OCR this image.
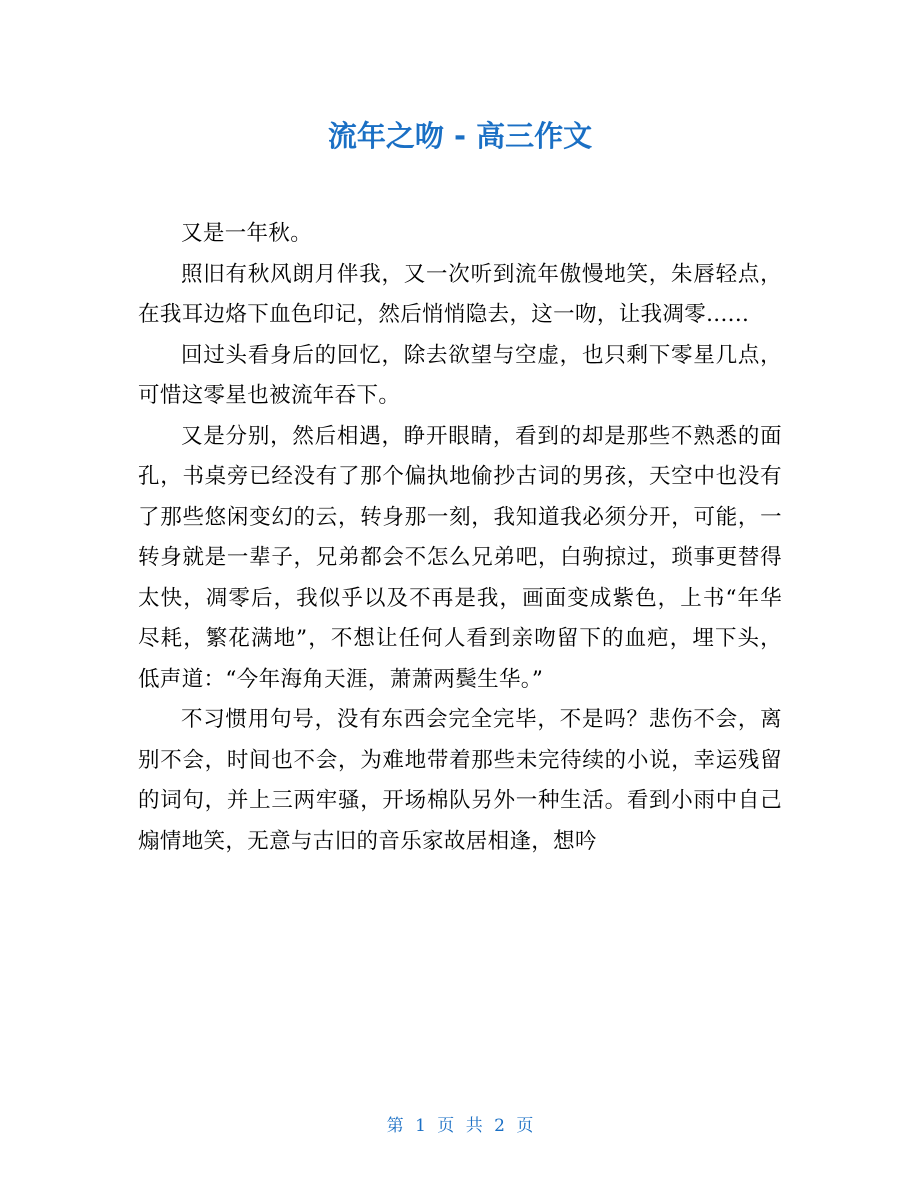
流年之吻 - 高三作文

又是一年秋。

照旧有秋风朗月伴我，又一次听到流年傲慢地笑，朱唇轻点，在我耳边烙下血色印记，然后悄悄隐去，这一吻，让我凋零......

回过头看身后的回忆，除去欲望与空虚，也只剩下零星几点，可惜这零星也被流年吞下。

又是分别，然后相遇，睁开眼睛，看到的却是那些不熟悉的面孔，书桌旁已经没有了那个偏执地偷抄古词的男孩，天空中也没有了那些悠闲变幻的云，转身那一刻，我知道我必须分开，可能，一转身就是一辈子，兄弟都会不怎么兄弟吧，白驹掠过，琐事更替得太快，凋零后，我似乎以及不再是我，画面变成紫色，上书“年华尽耗，繁花满地”，不想让任何人看到亲吻留下的血疤，埋下头，低声道：“今年海角天涯，萧萧两鬓生华。”

不习惯用句号，没有东西会完全完毕，不是吗？悲伤不会，离别不会，时间也不会，为难地带着那些未完待续的小说，幸运残留的词句，并上三两牢骚，开场棉队另外一种生活。看到小雨中自己煽情地笑，无意与古旧的音乐家故居相逢，想吟

第 1 页 共 2 页
